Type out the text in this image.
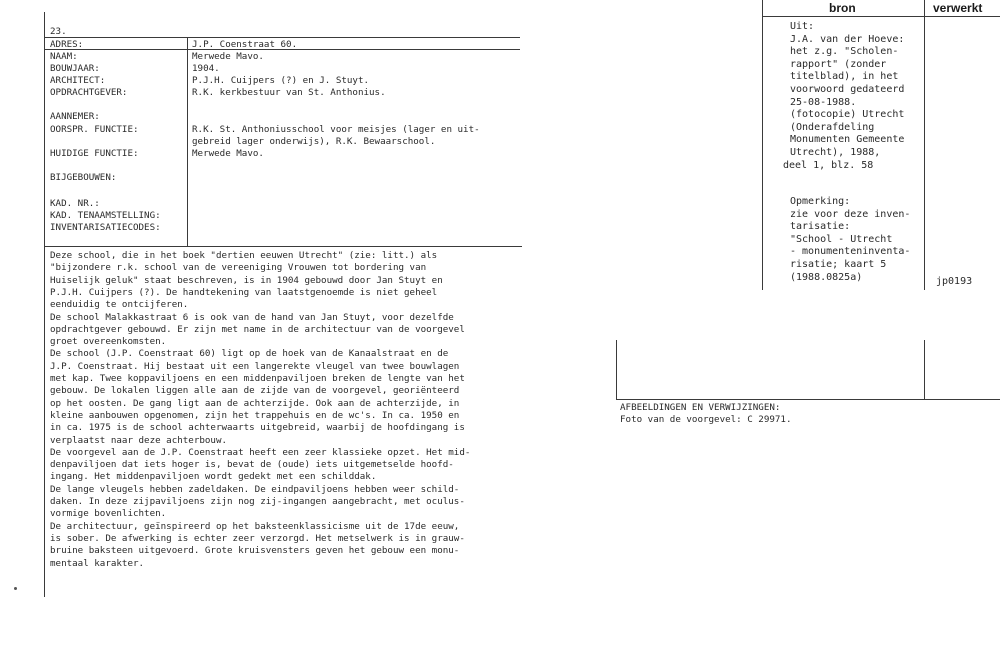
23.
ADRES:	J.P. Coenstraat 60.
NAAM:	Merwede Mavo.
BOUWJAAR:	1904.
ARCHITECT:	P.J.H. Cuijpers (?) en J. Stuyt.
OPDRACHTGEVER:	R.K. kerkbestuur van St. Anthonius.
AANNEMER:
OORSPR. FUNCTIE:	R.K. St. Anthoniusschool voor meisjes (lager en uit-
gebreid lager onderwijs), R.K. Bewaarschool.
HUIDIGE FUNCTIE:	Merwede Mavo.
BIJGEBOUWEN:
KAD. NR.:
KAD. TENAAMSTELLING:
INVENTARISATIECODES:
Deze school, die in het boek "dertien eeuwen Utrecht" (zie: litt.) als
"bijzondere r.k. school van de vereeniging Vrouwen tot bordering van
Huiselijk geluk" staat beschreven, is in 1904 gebouwd door Jan Stuyt en
P.J.H. Cuijpers (?). De handtekening van laatstgenoemde is niet geheel
eenduidig te ontcijferen.
De school Malakkastraat 6 is ook van de hand van Jan Stuyt, voor dezelfde
opdrachtgever gebouwd. Er zijn met name in de architectuur van de voorgevel
groet overeenkomsten.
De school (J.P. Coenstraat 60) ligt op de hoek van de Kanaalstraat en de
J.P. Coenstraat. Hij bestaat uit een langerekte vleugel van twee bouwlagen
met kap. Twee koppaviljoens en een middenpaviljoen breken de lengte van het
gebouw. De lokalen liggen alle aan de zijde van de voorgevel, georiënteerd
op het oosten. De gang ligt aan de achterzijde. Ook aan de achterzijde, in
kleine aanbouwen opgenomen, zijn het trappehuis en de wc's. In ca. 1950 en
in ca. 1975 is de school achterwaarts uitgebreid, waarbij de hoofdingang is
verplaatst naar deze achterbouw.
De voorgevel aan de J.P. Coenstraat heeft een zeer klassieke opzet. Het mid-
denpaviljoen dat iets hoger is, bevat de (oude) iets uitgemetselde hoofd-
ingang. Het middenpaviljoen wordt gedekt met een schilddak.
De lange vleugels hebben zadeldaken. De eindpaviljoens hebben weer schild-
daken. In deze zijpaviljoens zijn nog zij-ingangen aangebracht, met oculus-
vormige bovenlichten.
De architectuur, geïnspireerd op het baksteenklassicisme uit de 17de eeuw,
is sober. De afwerking is echter zeer verzorgd. Het metselwerk is in grauw-
bruine baksteen uitgevoerd. Grote kruisvensters geven het gebouw een monu-
mentaal karakter.
bron	verwerkt
Uit:
J.A. van der Hoeve:
het z.g. "Scholen-
rapport" (zonder
titelblad), in het
voorwoord gedateerd
25-08-1988.
(fotocopie) Utrecht
(Onderafdeling
Monumenten Gemeente
Utrecht), 1988,
deel 1, blz. 58
Opmerking:
zie voor deze inven-
tarisatie:
"School - Utrecht
- monumenteninventa-
risatie; kaart 5
(1988.0825a)	jp0193
AFBEELDINGEN EN VERWIJZINGEN:
Foto van de voorgevel: C 29971.
